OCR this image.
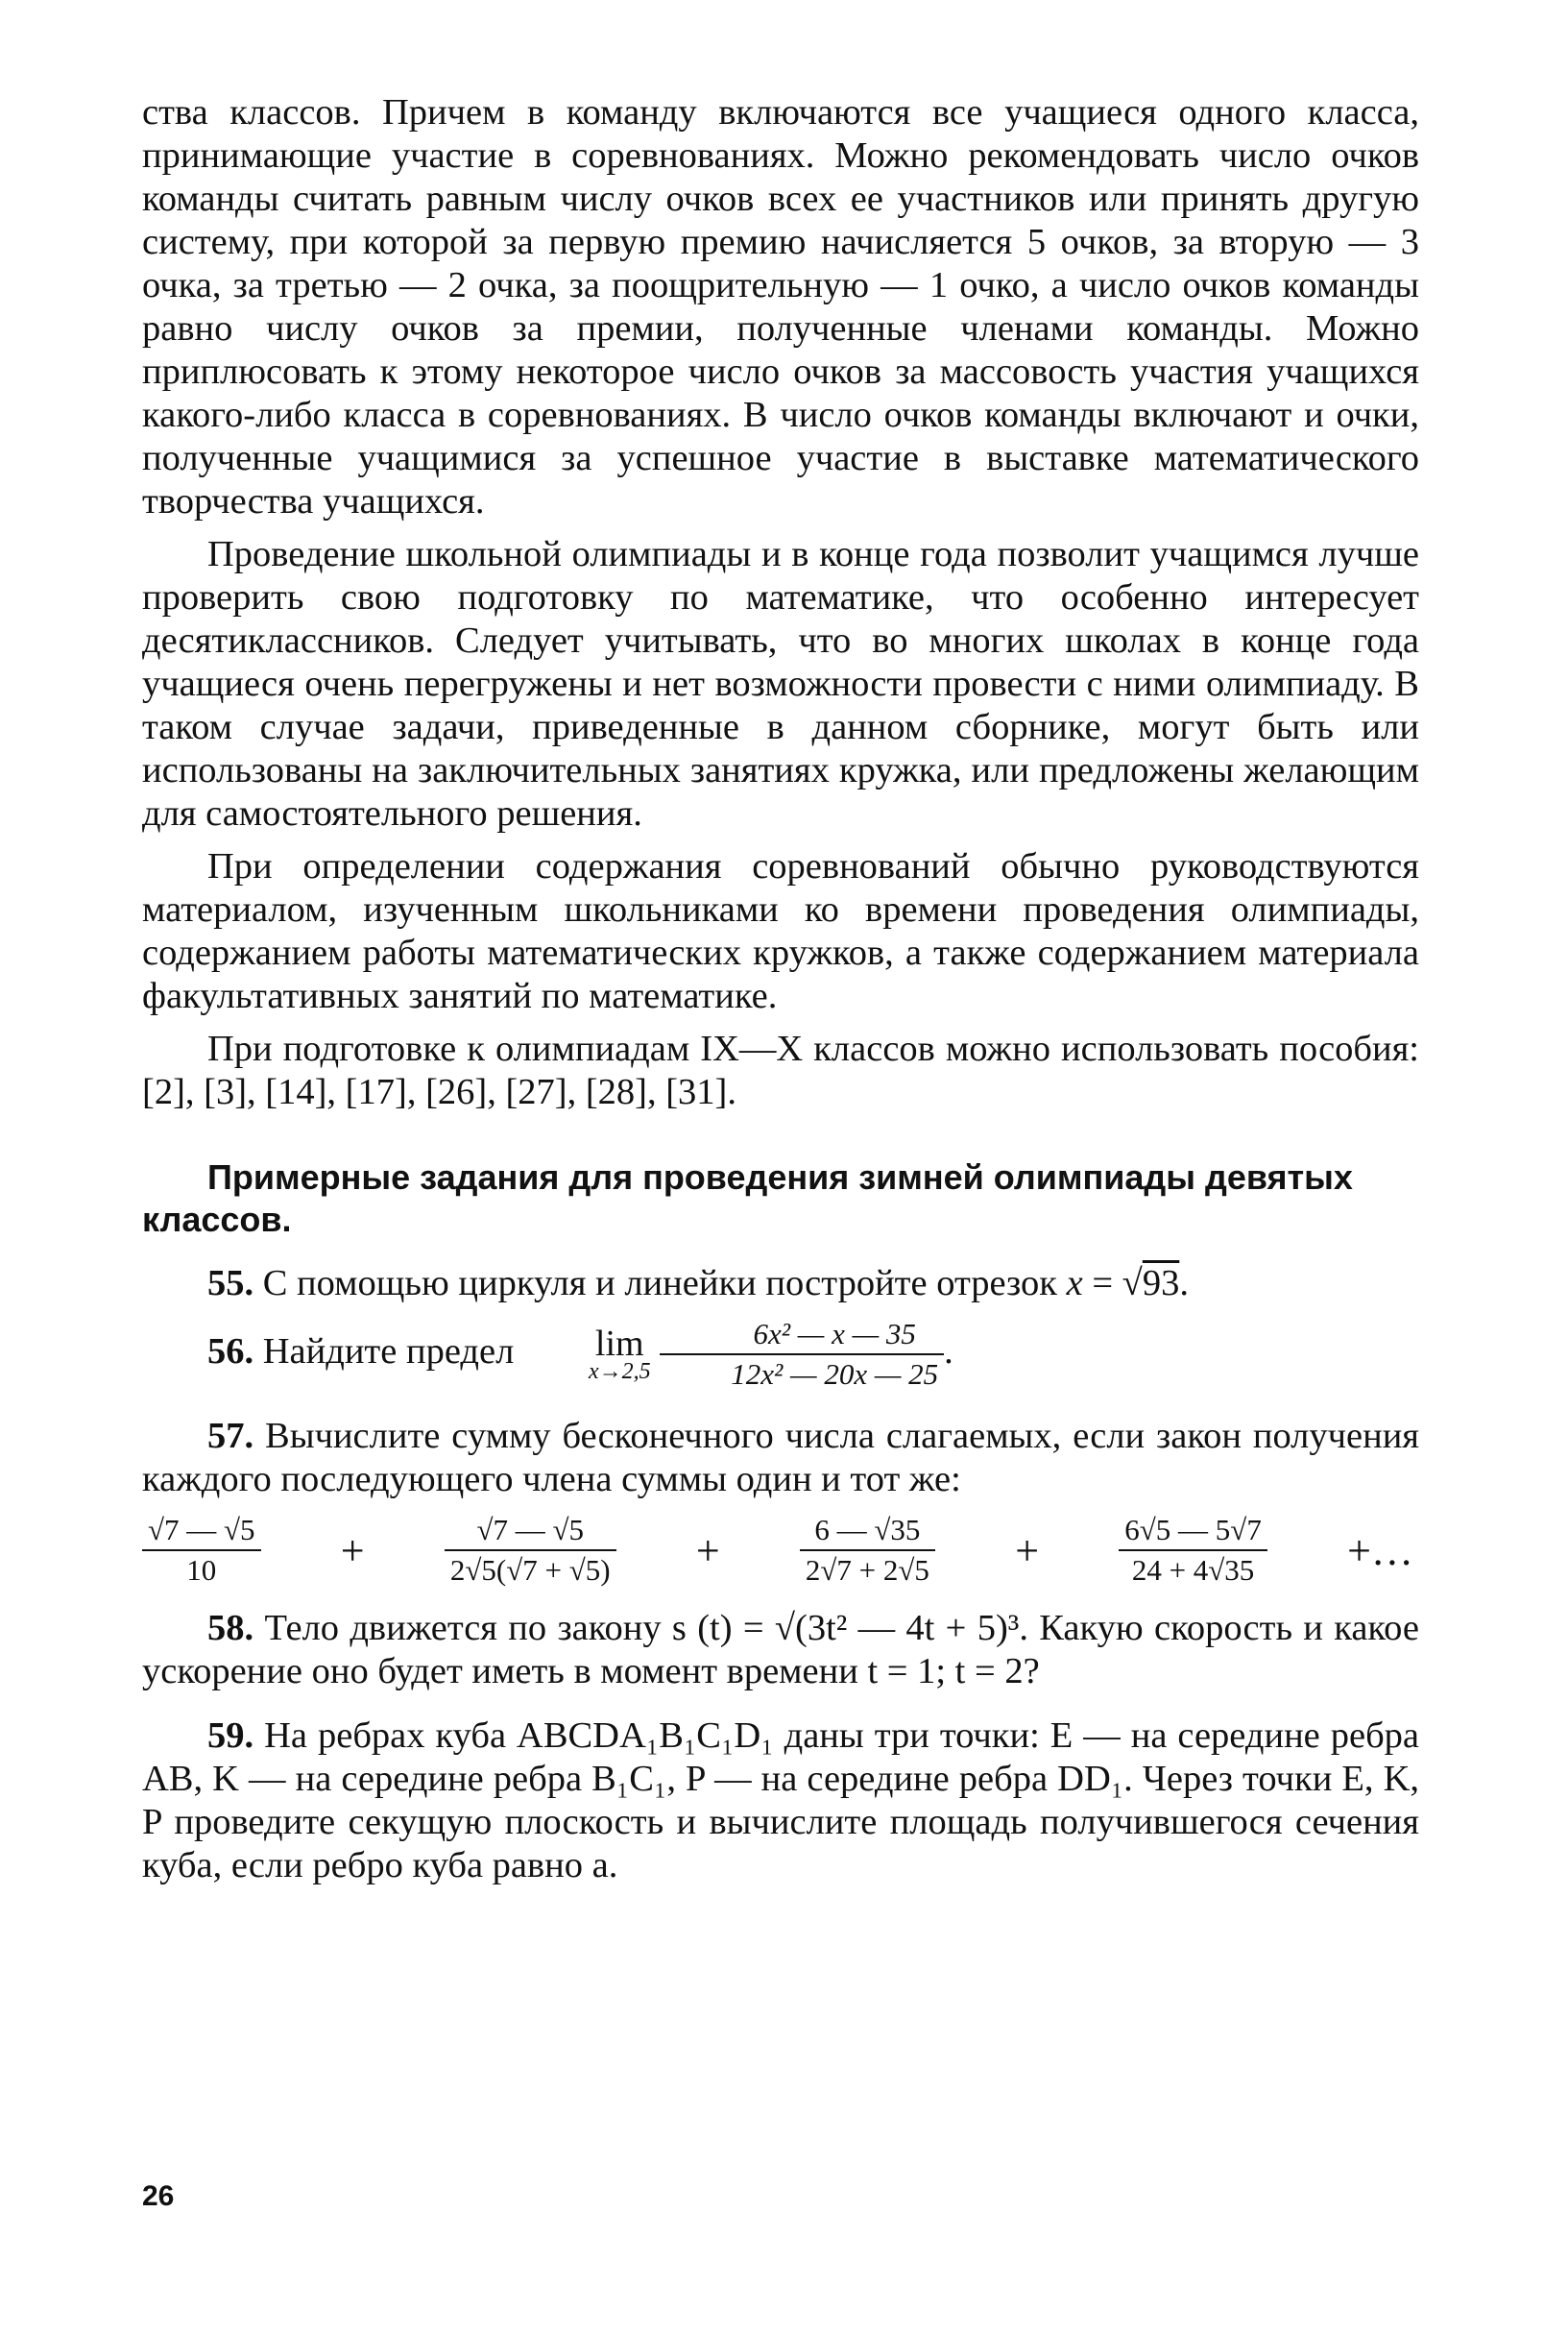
ства классов. Причем в команду включаются все учащиеся одного класса, принимающие участие в соревнованиях. Можно рекомендовать число очков команды считать равным числу очков всех ее участников или принять другую систему, при которой за первую премию начисляется 5 очков, за вторую — 3 очка, за третью — 2 очка, за поощрительную — 1 очко, а число очков команды равно числу очков за премии, полученные членами команды. Можно приплюсовать к этому некоторое число очков за массовость участия учащихся какого-либо класса в соревнованиях. В число очков команды включают и очки, полученные учащимися за успешное участие в выставке математического творчества учащихся.

Проведение школьной олимпиады и в конце года позволит учащимся лучше проверить свою подготовку по математике, что особенно интересует десятиклассников. Следует учитывать, что во многих школах в конце года учащиеся очень перегружены и нет возможности провести с ними олимпиаду. В таком случае задачи, приведенные в данном сборнике, могут быть или использованы на заключительных занятиях кружка, или предложены желающим для самостоятельного решения.

При определении содержания соревнований обычно руководствуются материалом, изученным школьниками ко времени проведения олимпиады, содержанием работы математических кружков, а также содержанием материала факультативных занятий по математике.

При подготовке к олимпиадам IX—X классов можно использовать пособия: [2], [3], [14], [17], [26], [27], [28], [31].

Примерные задания для проведения зимней олимпиады девятых классов.

55. С помощью циркуля и линейки постройте отрезок x = √93.

56. Найдите предел	lim
x→2,5
$\frac{\text{6x² — x — 35}}{\text{12x² — 20x — 25}}$ .

57. Вычислите сумму бесконечного числа слагаемых, если закон получения каждого последующего члена суммы один и тот же:

$\frac{√7 — √5}{10}$ +	$\frac{√7 — √5}{2√5(√7 + √5)}$ +	$\frac{6 — √35}{2√7 + 2√5}$ +	$\frac{6√5 — 5√7}{24 + 4√35}$ +…

58. Тело движется по закону s (t) = √(3t² — 4t + 5)³. Какую скорость и какое ускорение оно будет иметь в момент времени t = 1; t = 2?

59. На ребрах куба ABCDA₁B₁C₁D₁ даны три точки: E — на середине ребра AB, K — на середине ребра B₁C₁, P — на середине ребра DD₁. Через точки E, K, P проведите секущую плоскость и вычислите площадь получившегося сечения куба, если ребро куба равно a.

26
